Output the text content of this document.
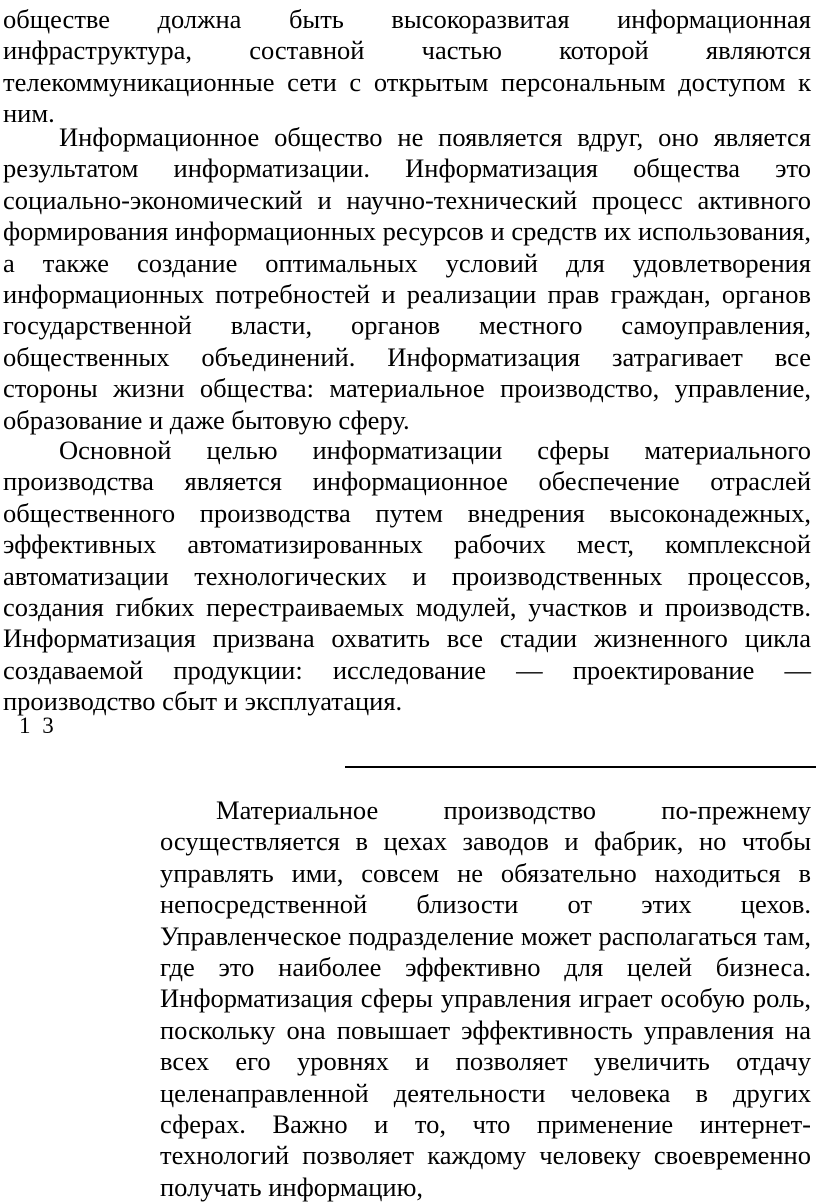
обществе должна быть высокоразвитая информационная инфраструктура, составной частью которой являются телекоммуникационные сети с открытым персональным доступом к ним.

Информационное общество не появляется вдруг, оно является результатом информатизации. Информатизация общества это социально-экономический и научно-технический процесс активного формирования информационных ресурсов и средств их использования, а также создание оптимальных условий для удовлетворения информационных потребностей и реализации прав граждан, органов государственной власти, органов местного самоуправления, общественных объединений. Информатизация затрагивает все стороны жизни общества: материальное производство, управление, образование и даже бытовую сферу.

Основной целью информатизации сферы материального производства является информационное обеспечение отраслей общественного производства путем внедрения высоконадежных, эффективных автоматизированных рабочих мест, комплексной автоматизации технологических и производственных процессов, создания гибких перестраиваемых модулей, участков и производств. Информатизация призвана охватить все стадии жизненного цикла создаваемой продукции: исследование — проектирование — производство сбыт и эксплуатация.

1 3

Материальное производство по-прежнему осуществляется в цехах заводов и фабрик, но чтобы управлять ими, совсем не обязательно находиться в непосредственной близости от этих цехов. Управленческое подразделение может располагаться там, где это наиболее эффективно для целей бизнеса. Информатизация сферы управления играет особую роль, поскольку она повышает эффективность управления на всех его уровнях и позволяет увеличить отдачу целенаправленной деятельности человека в других сферах. Важно и то, что применение интернет-технологий позволяет каждому человеку своевременно получать информацию,
